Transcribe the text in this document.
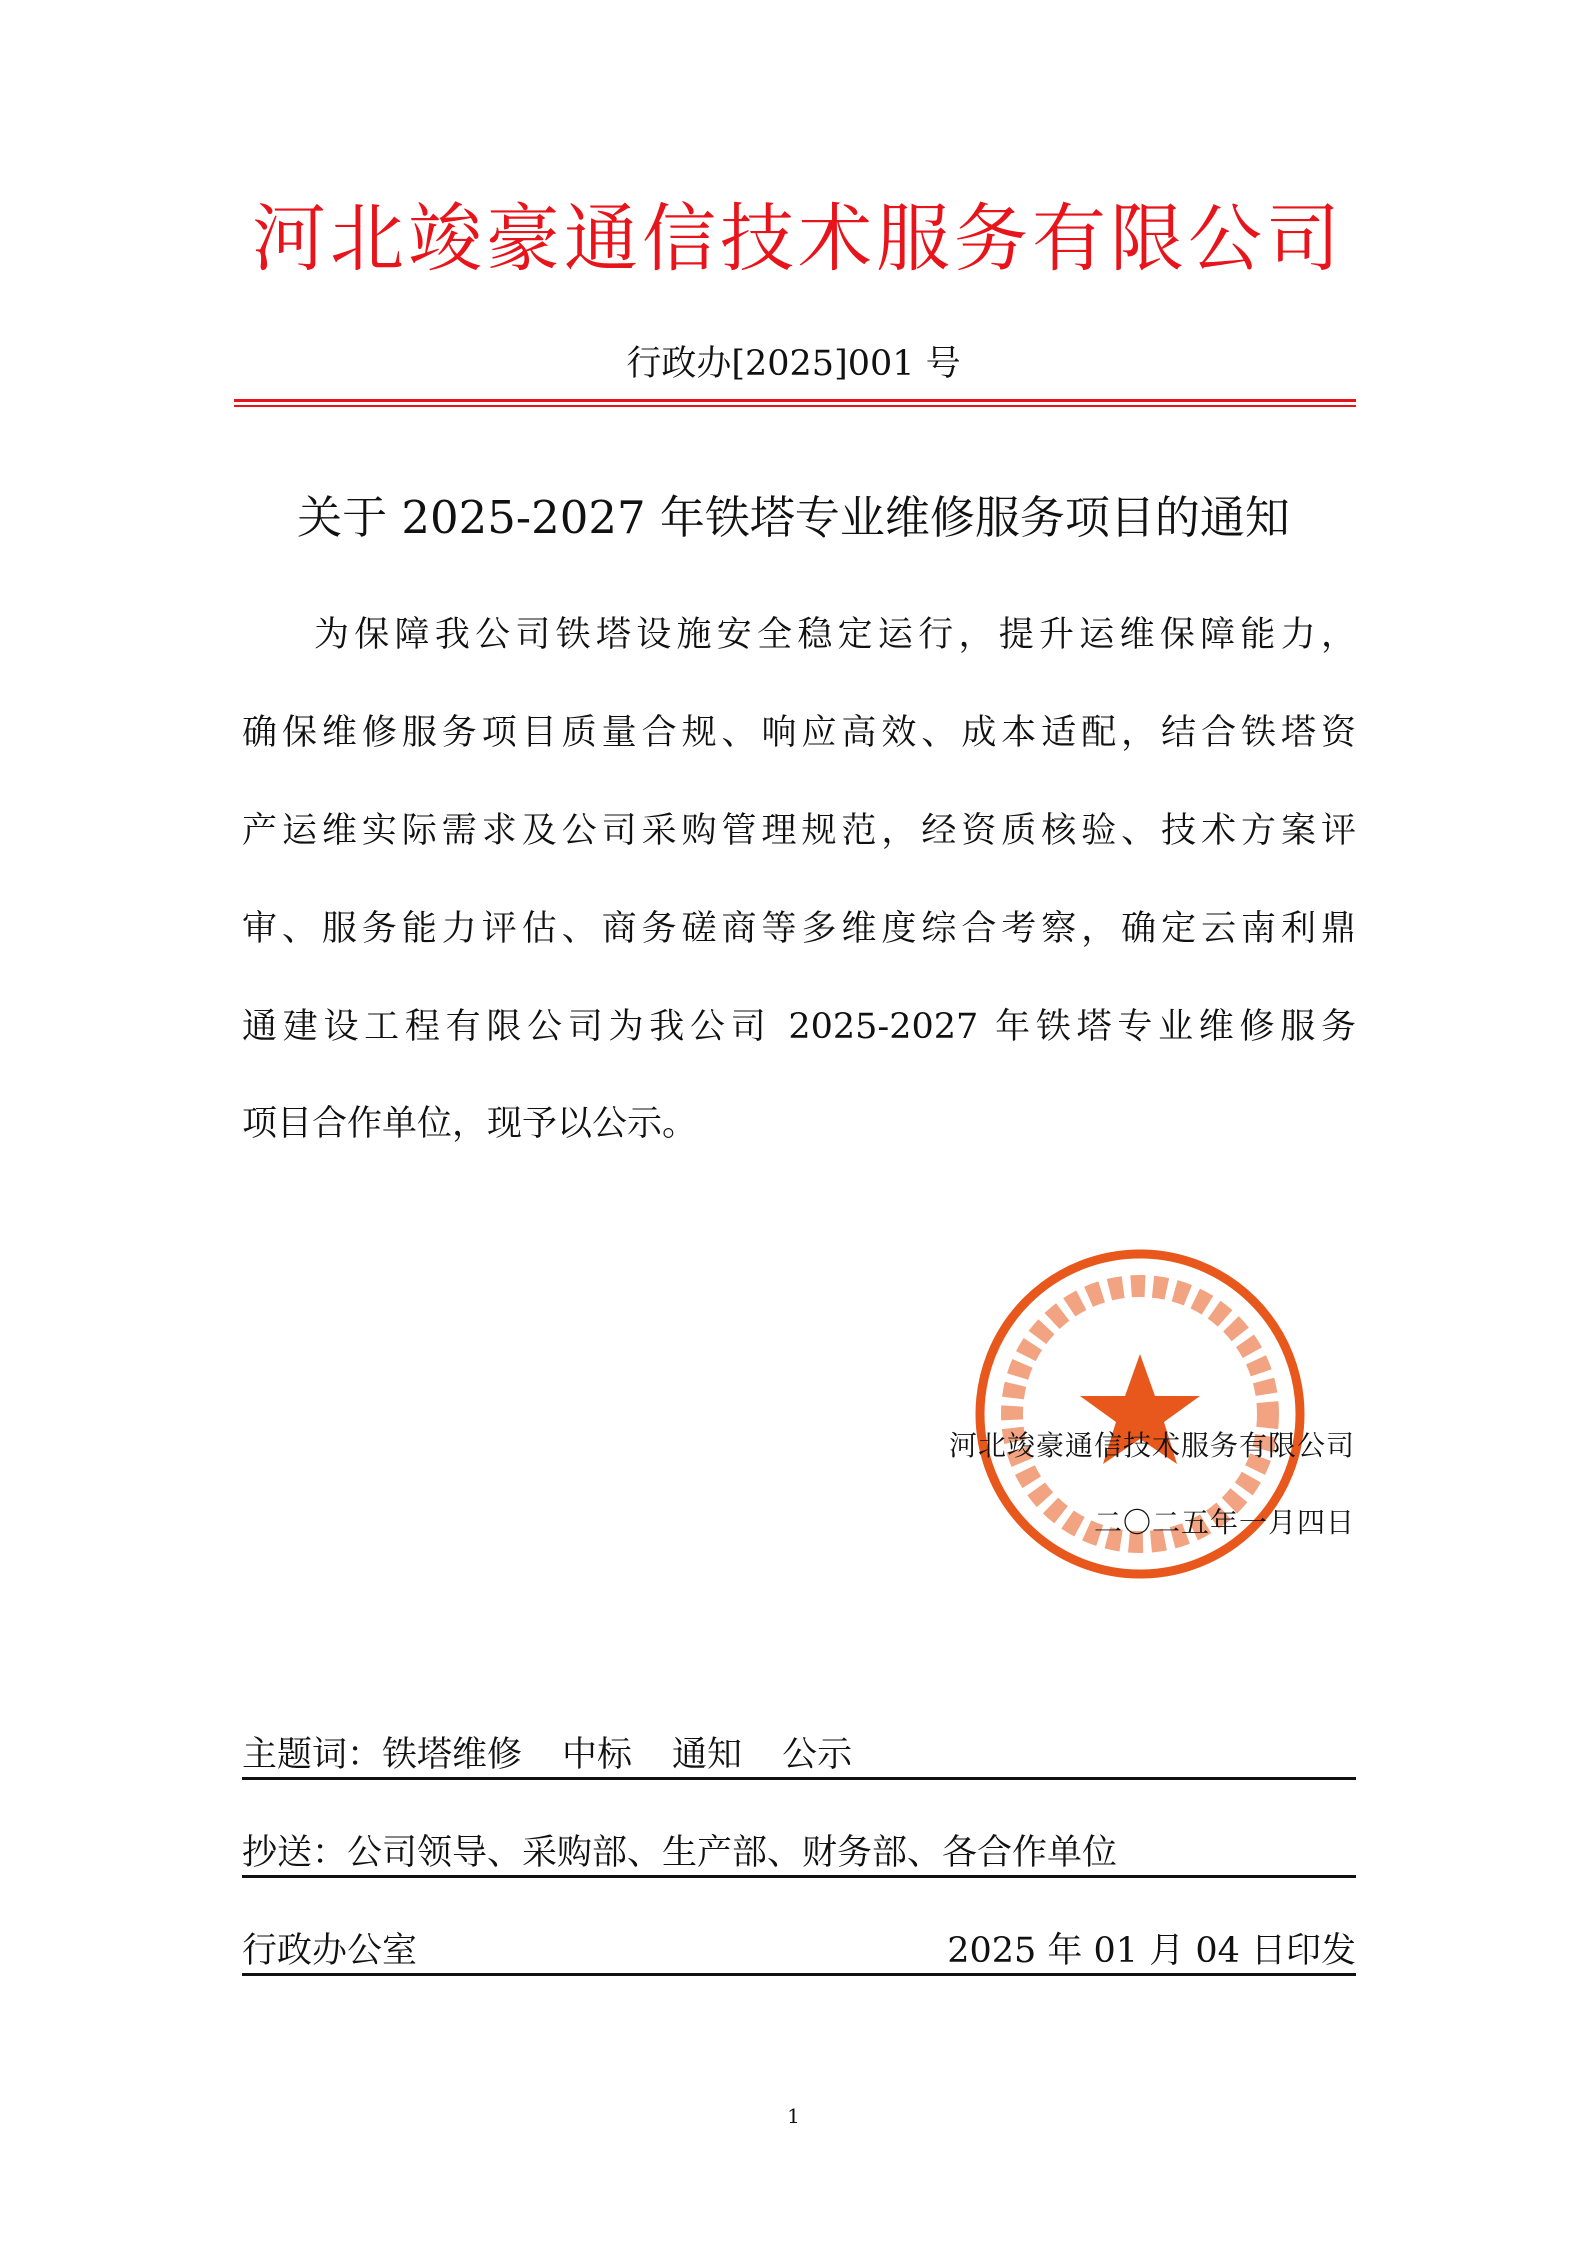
河北竣豪通信技术服务有限公司
行政办[2025]001 号
关于 2025-2027 年铁塔专业维修服务项目的通知
为保障我公司铁塔设施安全稳定运行，提升运维保障能力，
确保维修服务项目质量合规、响应高效、成本适配，结合铁塔资
产运维实际需求及公司采购管理规范，经资质核验、技术方案评
审、服务能力评估、商务磋商等多维度综合考察，确定云南利鼎
通建设工程有限公司为我公司 2025-2027 年铁塔专业维修服务
项目合作单位，现予以公示。
河北竣豪通信技术服务有限公司
二〇二五年一月四日
主题词：铁塔维修 中标 通知 公示
抄送：公司领导、采购部、生产部、财务部、各合作单位
行政办公室	2025 年 01 月 04 日印发
1
